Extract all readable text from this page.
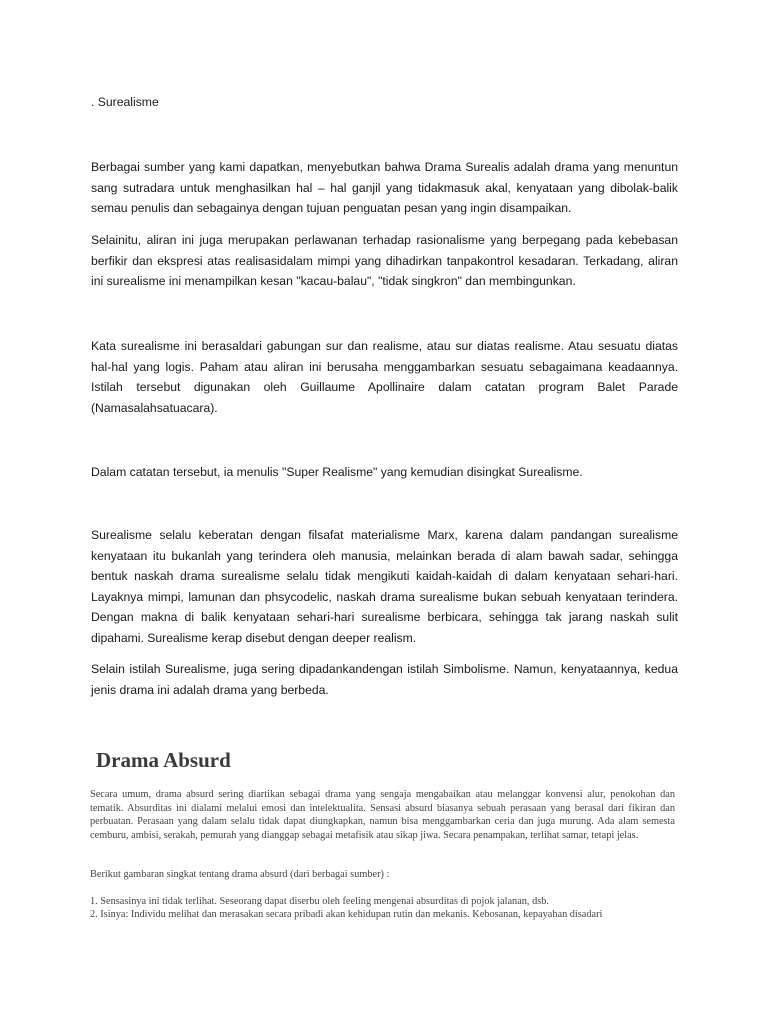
. Surealisme

Berbagai sumber yang kami dapatkan, menyebutkan bahwa Drama Surealis adalah drama yang menuntun sang sutradara untuk menghasilkan hal – hal ganjil yang tidakmasuk akal, kenyataan yang dibolak-balik semau penulis dan sebagainya dengan tujuan penguatan pesan yang ingin disampaikan.

Selainitu, aliran ini juga merupakan perlawanan terhadap rasionalisme yang berpegang pada kebebasan berfikir dan ekspresi atas realisasidalam mimpi yang dihadirkan tanpakontrol kesadaran. Terkadang, aliran ini surealisme ini menampilkan kesan "kacau-balau", "tidak singkron" dan membingunkan.

Kata surealisme ini berasaldari gabungan sur dan realisme, atau sur diatas realisme. Atau sesuatu diatas hal-hal yang logis. Paham atau aliran ini berusaha menggambarkan sesuatu sebagaimana keadaannya. Istilah tersebut digunakan oleh Guillaume Apollinaire dalam catatan program Balet Parade (Namasalahsatuacara).

Dalam catatan tersebut, ia menulis "Super Realisme" yang kemudian disingkat Surealisme.

Surealisme selalu keberatan dengan filsafat materialisme Marx, karena dalam pandangan surealisme kenyataan itu bukanlah yang terindera oleh manusia, melainkan berada di alam bawah sadar, sehingga bentuk naskah drama surealisme selalu tidak mengikuti kaidah-kaidah di dalam kenyataan sehari-hari. Layaknya mimpi, lamunan dan phsycodelic, naskah drama surealisme bukan sebuah kenyataan terindera. Dengan makna di balik kenyataan sehari-hari surealisme berbicara, sehingga tak jarang naskah sulit dipahami. Surealisme kerap disebut dengan deeper realism.

Selain istilah Surealisme, juga sering dipadankandengan istilah Simbolisme. Namun, kenyataannya, kedua jenis drama ini adalah drama yang berbeda.

Drama Absurd

Secara umum, drama absurd sering diartikan sebagai drama yang sengaja mengabaikan atau melanggar konvensi alur, penokohan dan tematik. Absurditas ini dialami melalui emosi dan intelektualita. Sensasi absurd biasanya sebuah perasaan yang berasal dari fikiran dan perbuatan. Perasaan yang dalam selalu tidak dapat diungkapkan, namun bisa menggambarkan ceria dan juga murung. Ada alam semesta cemburu, ambisi, serakah, pemurah yang dianggap sebagai metafisik atau sikap jiwa. Secara penampakan, terlihat samar, tetapi jelas.

Berikut gambaran singkat tentang drama absurd (dari berbagai sumber) :

1. Sensasinya ini tidak terlihat. Seseorang dapat diserbu oleh feeling mengenai absurditas di pojok jalanan, dsb.

2. Isinya: Individu melihat dan merasakan secara pribadi akan kehidupan rutin dan mekanis. Kebosanan, kepayahan disadari
